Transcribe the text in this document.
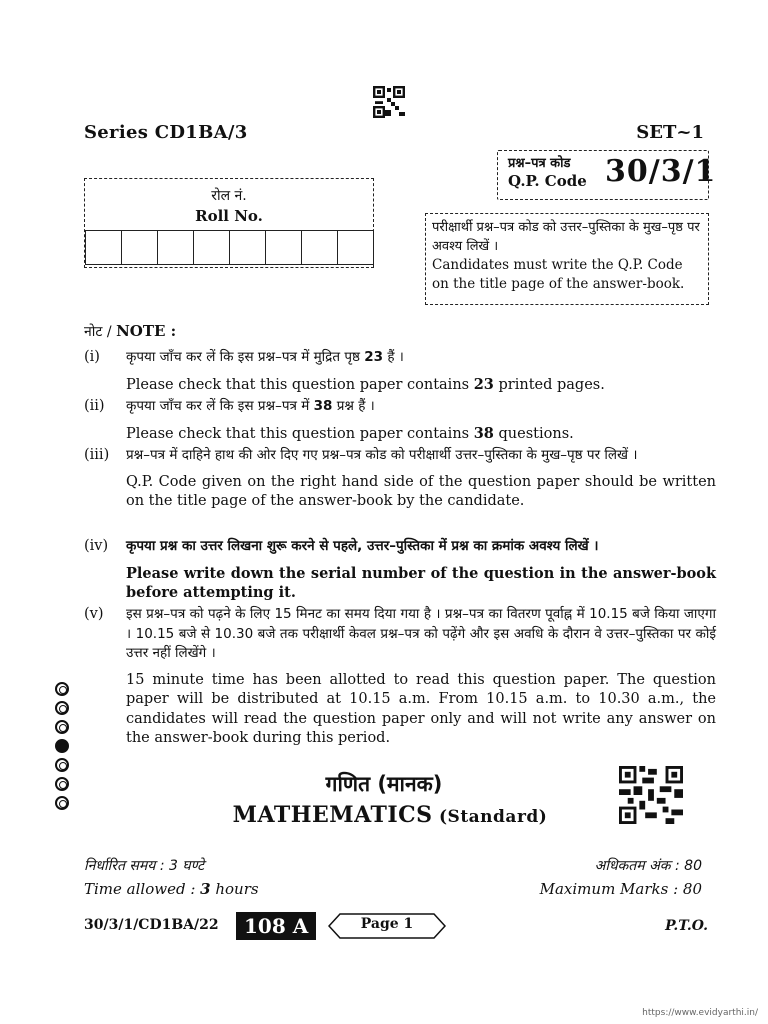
Series CD1BA/3	SET~1
प्रश्न–पत्र कोड
Q.P. Code 30/3/1
रोल नं.
Roll No.
परीक्षार्थी प्रश्न–पत्र कोड को उत्तर–पुस्तिका के मुख–पृष्ठ पर अवश्य लिखें ।
Candidates must write the Q.P. Code on the title page of the answer-book.
नोट / NOTE :
(i)	कृपया जाँच कर लें कि इस प्रश्न–पत्र में मुद्रित पृष्ठ 23 हैं ।
Please check that this question paper contains 23 printed pages.
(ii)	कृपया जाँच कर लें कि इस प्रश्न–पत्र में 38 प्रश्न हैं ।
Please check that this question paper contains 38 questions.
(iii)	प्रश्न–पत्र में दाहिने हाथ की ओर दिए गए प्रश्न–पत्र कोड को परीक्षार्थी उत्तर–पुस्तिका के मुख–पृष्ठ पर लिखें ।
Q.P. Code given on the right hand side of the question paper should be written on the title page of the answer-book by the candidate.
(iv)	कृपया प्रश्न का उत्तर लिखना शुरू करने से पहले, उत्तर–पुस्तिका में प्रश्न का क्रमांक अवश्य लिखें ।
Please write down the serial number of the question in the answer-book before attempting it.
(v)	इस प्रश्न–पत्र को पढ़ने के लिए 15 मिनट का समय दिया गया है । प्रश्न–पत्र का वितरण पूर्वाह्न में 10.15 बजे किया जाएगा । 10.15 बजे से 10.30 बजे तक परीक्षार्थी केवल प्रश्न–पत्र को पढ़ेंगे और इस अवधि के दौरान वे उत्तर–पुस्तिका पर कोई उत्तर नहीं लिखेंगे ।
15 minute time has been allotted to read this question paper. The question paper will be distributed at 10.15 a.m. From 10.15 a.m. to 10.30 a.m., the candidates will read the question paper only and will not write any answer on the answer-book during this period.
गणित (मानक)
MATHEMATICS (Standard)
निर्धारित समय : 3 घण्टे
Time allowed : 3 hours
अधिकतम अंक : 80
Maximum Marks : 80
30/3/1/CD1BA/22	108 A	Page 1	P.T.O.
https://www.evidyarthi.in/
